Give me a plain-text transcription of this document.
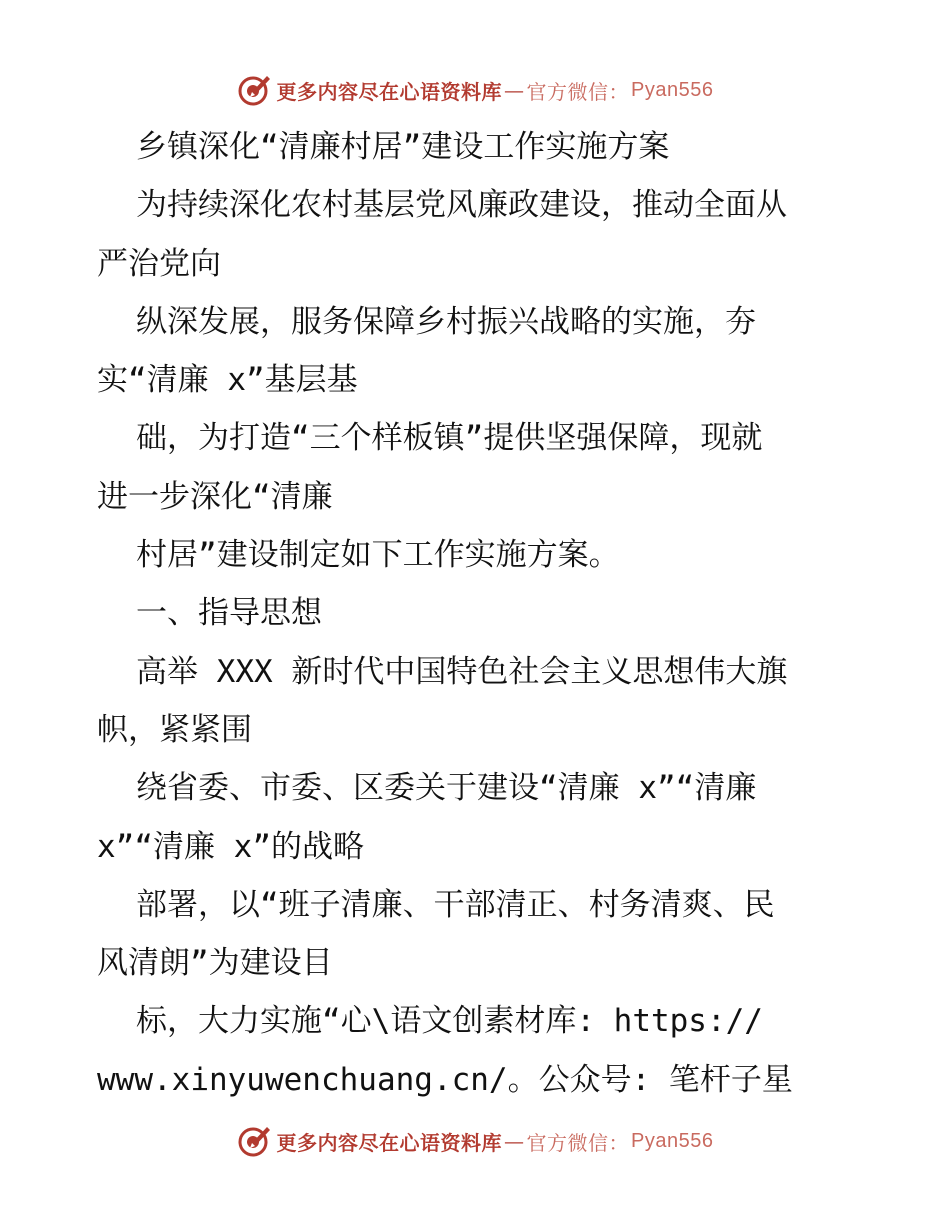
更多内容尽在心语资料库 — 官方微信： Pyan556
乡镇深化“清廉村居”建设工作实施方案
为持续深化农村基层党风廉政建设，推动全面从
严治党向
纵深发展，服务保障乡村振兴战略的实施，夯
实“清廉 x”基层基
础，为打造“三个样板镇”提供坚强保障，现就
进一步深化“清廉
村居”建设制定如下工作实施方案。
一、指导思想
高举 XXX 新时代中国特色社会主义思想伟大旗
帜，紧紧围
绕省委、市委、区委关于建设“清廉 x”“清廉
x”“清廉 x”的战略
部署，以“班子清廉、干部清正、村务清爽、民
风清朗”为建设目
标，大力实施“心\语文创素材库: https://
www.xinyuwenchuang.cn/。公众号: 笔杆子星
更多内容尽在心语资料库 — 官方微信： Pyan556
